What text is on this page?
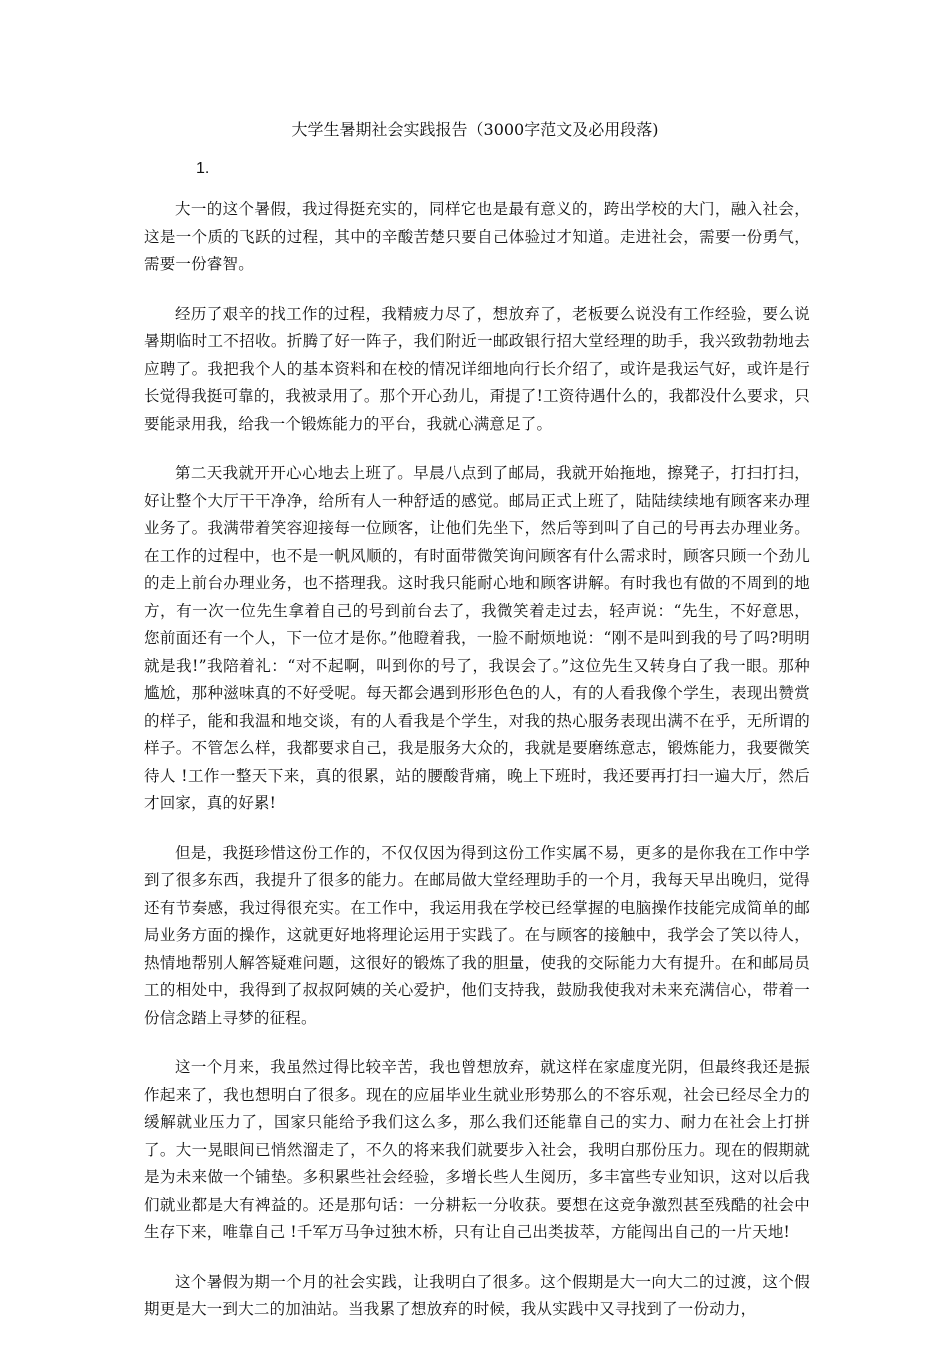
大学生暑期社会实践报告（3000字范文及必用段落)
1.

大一的这个暑假，我过得挺充实的，同样它也是最有意义的，跨出学校的大门，融入社会，这是一个质的飞跃的过程，其中的辛酸苦楚只要自己体验过才知道。走进社会，需要一份勇气，需要一份睿智。

经历了艰辛的找工作的过程，我精疲力尽了，想放弃了，老板要么说没有工作经验，要么说暑期临时工不招收。折腾了好一阵子，我们附近一邮政银行招大堂经理的助手，我兴致勃勃地去应聘了。我把我个人的基本资料和在校的情况详细地向行长介绍了，或许是我运气好，或许是行长觉得我挺可靠的，我被录用了。那个开心劲儿，甭提了!工资待遇什么的，我都没什么要求，只要能录用我，给我一个锻炼能力的平台，我就心满意足了。

第二天我就开开心心地去上班了。早晨八点到了邮局，我就开始拖地，擦凳子，打扫打扫，好让整个大厅干干净净，给所有人一种舒适的感觉。邮局正式上班了，陆陆续续地有顾客来办理业务了。我满带着笑容迎接每一位顾客，让他们先坐下，然后等到叫了自己的号再去办理业务。在工作的过程中，也不是一帆风顺的，有时面带微笑询问顾客有什么需求时，顾客只顾一个劲儿的走上前台办理业务，也不搭理我。这时我只能耐心地和顾客讲解。有时我也有做的不周到的地方，有一次一位先生拿着自己的号到前台去了，我微笑着走过去，轻声说：“先生，不好意思，您前面还有一个人，下一位才是你。”他瞪着我，一脸不耐烦地说：“刚不是叫到我的号了吗?明明就是我!”我陪着礼：“对不起啊，叫到你的号了，我误会了。”这位先生又转身白了我一眼。那种尴尬，那种滋味真的不好受呢。每天都会遇到形形色色的人，有的人看我像个学生，表现出赞赏的样子，能和我温和地交谈，有的人看我是个学生，对我的热心服务表现出满不在乎，无所谓的样子。不管怎么样，我都要求自己，我是服务大众的，我就是要磨练意志，锻炼能力，我要微笑待人 !工作一整天下来，真的很累，站的腰酸背痛，晚上下班时，我还要再打扫一遍大厅，然后才回家，真的好累!

但是，我挺珍惜这份工作的，不仅仅因为得到这份工作实属不易，更多的是你我在工作中学到了很多东西，我提升了很多的能力。在邮局做大堂经理助手的一个月，我每天早出晚归，觉得还有节奏感，我过得很充实。在工作中，我运用我在学校已经掌握的电脑操作技能完成简单的邮局业务方面的操作，这就更好地将理论运用于实践了。在与顾客的接触中，我学会了笑以待人，热情地帮别人解答疑难问题，这很好的锻炼了我的胆量，使我的交际能力大有提升。在和邮局员工的相处中，我得到了叔叔阿姨的关心爱护，他们支持我，鼓励我使我对未来充满信心，带着一份信念踏上寻梦的征程。

这一个月来，我虽然过得比较辛苦，我也曾想放弃，就这样在家虚度光阴，但最终我还是振作起来了，我也想明白了很多。现在的应届毕业生就业形势那么的不容乐观，社会已经尽全力的缓解就业压力了，国家只能给予我们这么多，那么我们还能靠自己的实力、耐力在社会上打拼了。大一晃眼间已悄然溜走了，不久的将来我们就要步入社会，我明白那份压力。现在的假期就是为未来做一个铺垫。多积累些社会经验，多增长些人生阅历，多丰富些专业知识，这对以后我们就业都是大有裨益的。还是那句话：一分耕耘一分收获。要想在这竞争激烈甚至残酷的社会中生存下来，唯靠自己 !千军万马争过独木桥，只有让自己出类拔萃，方能闯出自己的一片天地!

这个暑假为期一个月的社会实践，让我明白了很多。这个假期是大一向大二的过渡，这个假期更是大一到大二的加油站。当我累了想放弃的时候，我从实践中又寻找到了一份动力，
